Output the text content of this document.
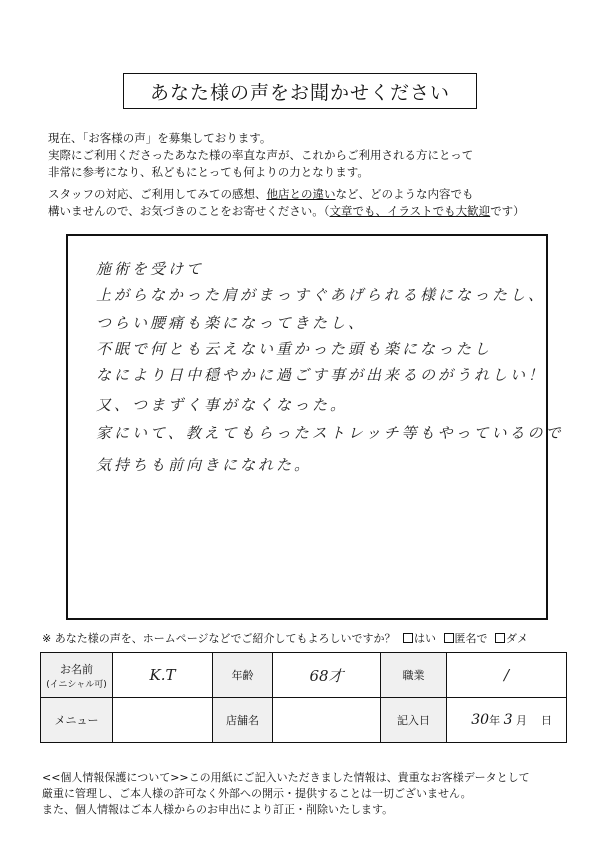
あなた様の声をお聞かせください

現在、「お客様の声」を募集しております。

実際にご利用くださったあなた様の率直な声が、これからご利用される方にとって

非常に参考になり、私どもにとっても何よりの力となります。

スタッフの対応、ご利用してみての感想、他店との違いなど、どのような内容でも

構いませんので、お気づきのことをお寄せください。（文章でも、イラストでも大歓迎です）

施術を受けて
上がらなかった肩がまっすぐあげられる様になったし、
つらい腰痛も楽になってきたし、
不眠で何とも云えない重かった頭も楽になったし
なにより日中穏やかに過ごす事が出来るのがうれしい！
又、つまずく事がなくなった。
家にいて、教えてもらったストレッチ等もやっているので
気持ちも前向きになれた。
※ あなた様の声を、ホームページなどでご紹介してもよろしいですか？ はい 匿名で ダメ
お名前
(イニシャル可)	K.T	年齢	68才	職業	/
メニュー		店舗名		記入日	30年 3 月 日

<<個人情報保護について>>この用紙にご記入いただきました情報は、貴重なお客様データとして

厳重に管理し、ご本人様の許可なく外部への開示・提供することは一切ございません。

また、個人情報はご本人様からのお申出により訂正・削除いたします。
